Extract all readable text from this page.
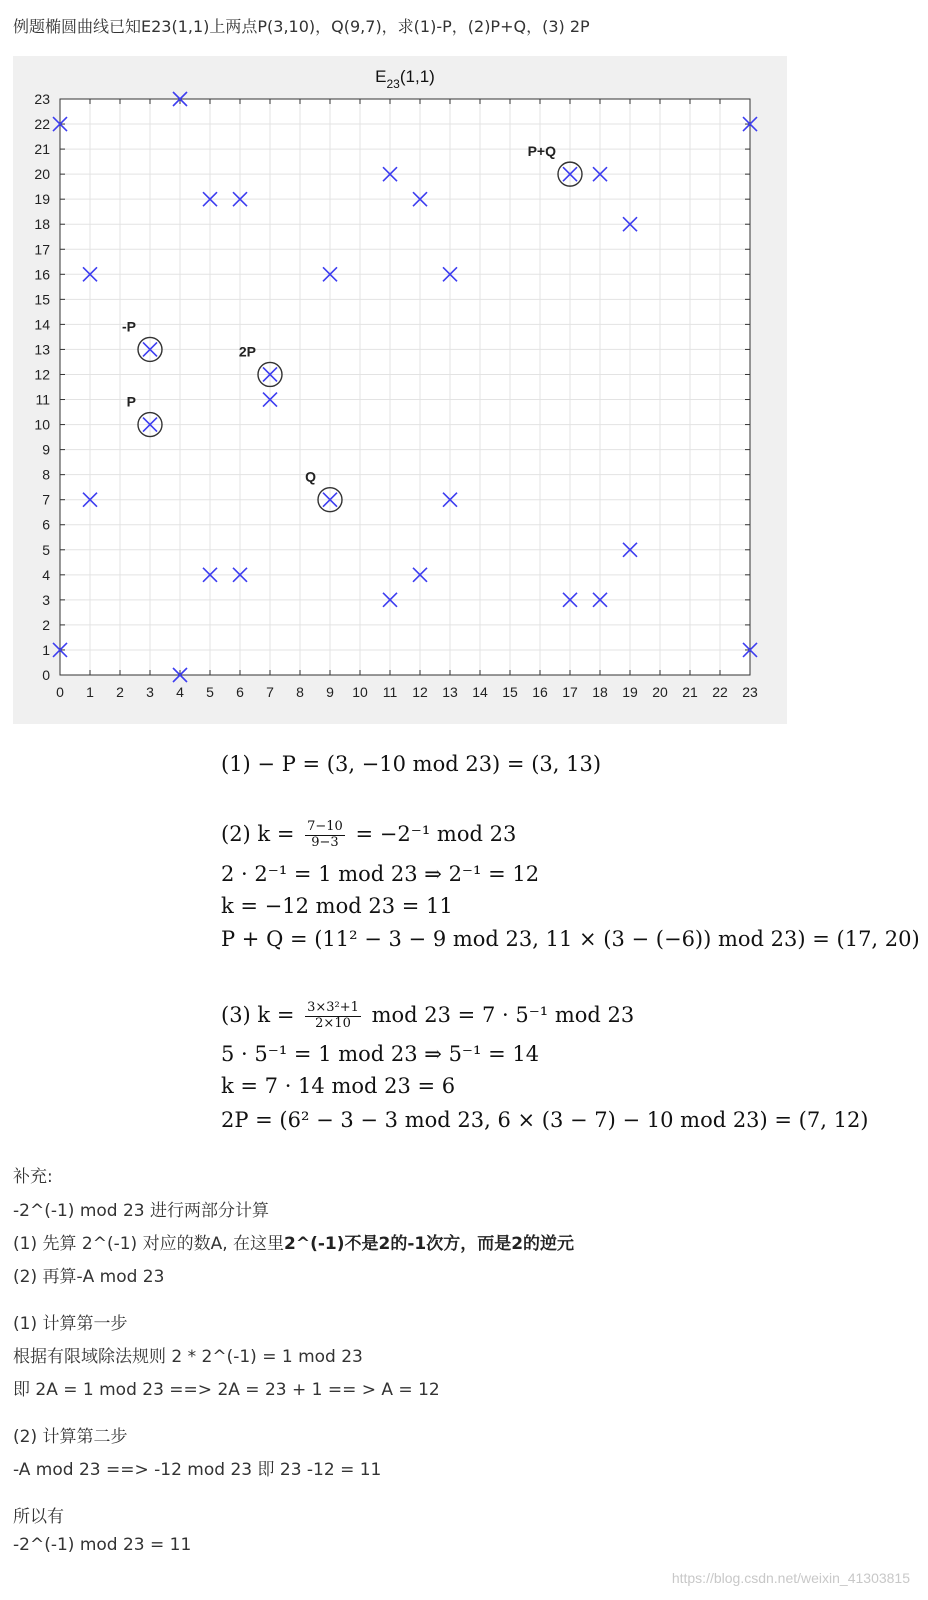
例题椭圆曲线已知E23(1,1)上两点P(3,10)，Q(9,7)，求(1)-P，(2)P+Q，(3) 2P
$E_{23}(1,1)$
0 1 2 3 4 5 6 7 8 9 10 11 12 13 14 15 16 17 18 19 20 21 22 23
0
1
2
3
4
5
6
7
8
9
10
11
12
13
14
15
16
17
18
19
20
21
22
23
-P
P
2P
Q
P+Q
(1) − P = (3, −10 mod 23) = (3, 13)
(2) $k = \frac{7-10}{9-3} = -2^{-1}$ mod 23
2 · 2⁻¹ = 1 mod 23 ⇒ 2⁻¹ = 12
k = −12 mod 23 = 11
P + Q = (11² − 3 − 9 mod 23, 11 × (3 − (−6)) mod 23) = (17, 20)
(3) $k = \frac{\text{3×3²+1}}{2\times 10}$ mod 23 = 7 · 5⁻¹ mod 23
5 · 5⁻¹ = 1 mod 23 ⇒ 5⁻¹ = 14
k = 7 · 14 mod 23 = 6
2P = (6² − 3 − 3 mod 23, 6 × (3 − 7) − 10 mod 23) = (7, 12)
补充:
-2^(-1) mod 23 进行两部分计算
(1) 先算 2^(-1) 对应的数A, 在这里2^(-1)不是2的-1次方，而是2的逆元
(2) 再算-A mod 23
(1) 计算第一步
根据有限域除法规则 2 * 2^(-1) = 1 mod 23
即 2A = 1 mod 23 ==> 2A = 23 + 1 == > A = 12
(2) 计算第二步
-A mod 23 ==> -12 mod 23 即 23 -12 = 11
所以有
-2^(-1) mod 23 = 11
https://blog.csdn.net/weixin_41303815
